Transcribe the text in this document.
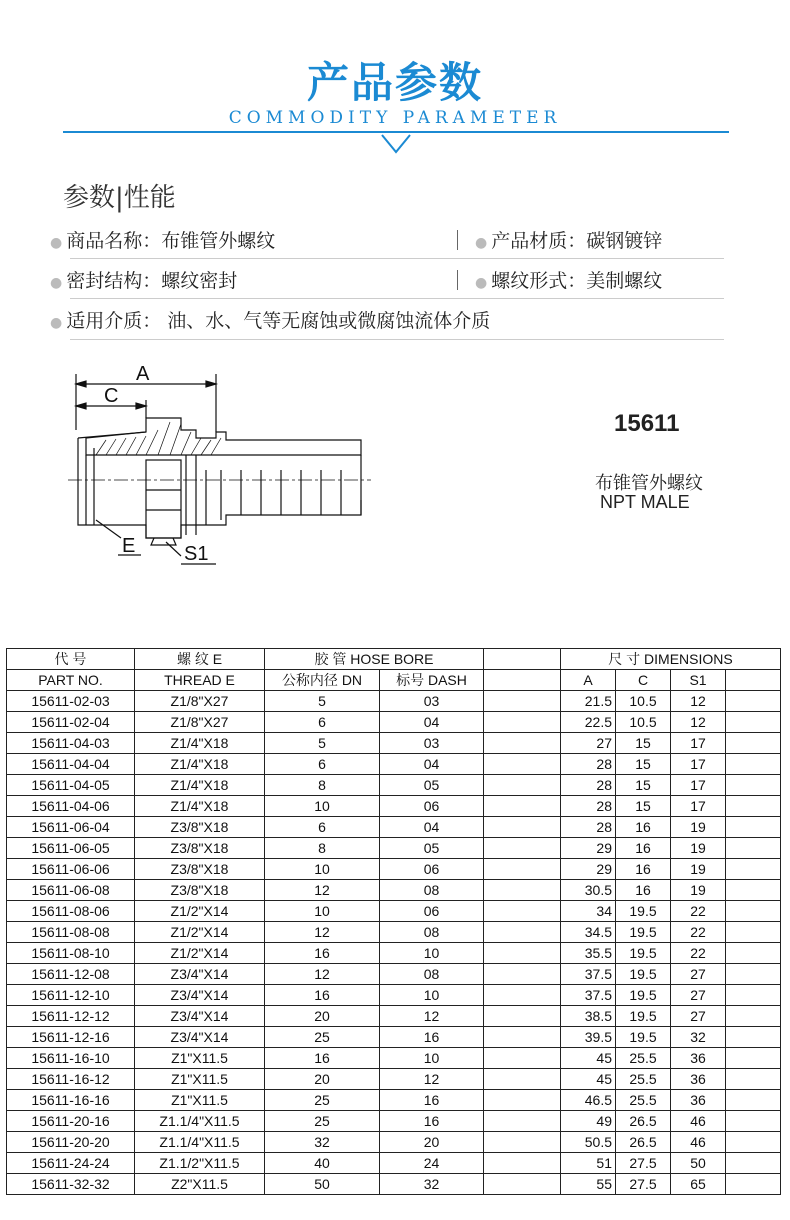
产品参数
COMMODITY PARAMETER
参数|性能
● 商品名称：布锥管外螺纹	● 产品材质：碳钢镀锌
● 密封结构：螺纹密封	● 螺纹形式：美制螺纹
● 适用介质： 油、水、气等无腐蚀或微腐蚀流体介质
A
C
E S1
15611
布锥管外螺纹
NPT MALE
代 号	螺 纹 E	胶 管 HOSE BORE			尺 寸 DIMENSIONS			
PART NO.	THREAD E	公称内径 DN	标号 DASH		A	C	S1	
15611-02-03	Z1/8"X27	5	03		21.5	10.5	12	
15611-02-04	Z1/8"X27	6	04		22.5	10.5	12	
15611-04-03	Z1/4"X18	5	03		27	15	17	
15611-04-04	Z1/4"X18	6	04		28	15	17	
15611-04-05	Z1/4"X18	8	05		28	15	17	
15611-04-06	Z1/4"X18	10	06		28	15	17	
15611-06-04	Z3/8"X18	6	04		28	16	19	
15611-06-05	Z3/8"X18	8	05		29	16	19	
15611-06-06	Z3/8"X18	10	06		29	16	19	
15611-06-08	Z3/8"X18	12	08		30.5	16	19	
15611-08-06	Z1/2"X14	10	06		34	19.5	22	
15611-08-08	Z1/2"X14	12	08		34.5	19.5	22	
15611-08-10	Z1/2"X14	16	10		35.5	19.5	22	
15611-12-08	Z3/4"X14	12	08		37.5	19.5	27	
15611-12-10	Z3/4"X14	16	10		37.5	19.5	27	
15611-12-12	Z3/4"X14	20	12		38.5	19.5	27	
15611-12-16	Z3/4"X14	25	16		39.5	19.5	32	
15611-16-10	Z1"X11.5	16	10		45	25.5	36	
15611-16-12	Z1"X11.5	20	12		45	25.5	36	
15611-16-16	Z1"X11.5	25	16		46.5	25.5	36	
15611-20-16	Z1.1/4"X11.5	25	16		49	26.5	46	
15611-20-20	Z1.1/4"X11.5	32	20		50.5	26.5	46	
15611-24-24	Z1.1/2"X11.5	40	24		51	27.5	50	
15611-32-32	Z2"X11.5	50	32		55	27.5	65	
